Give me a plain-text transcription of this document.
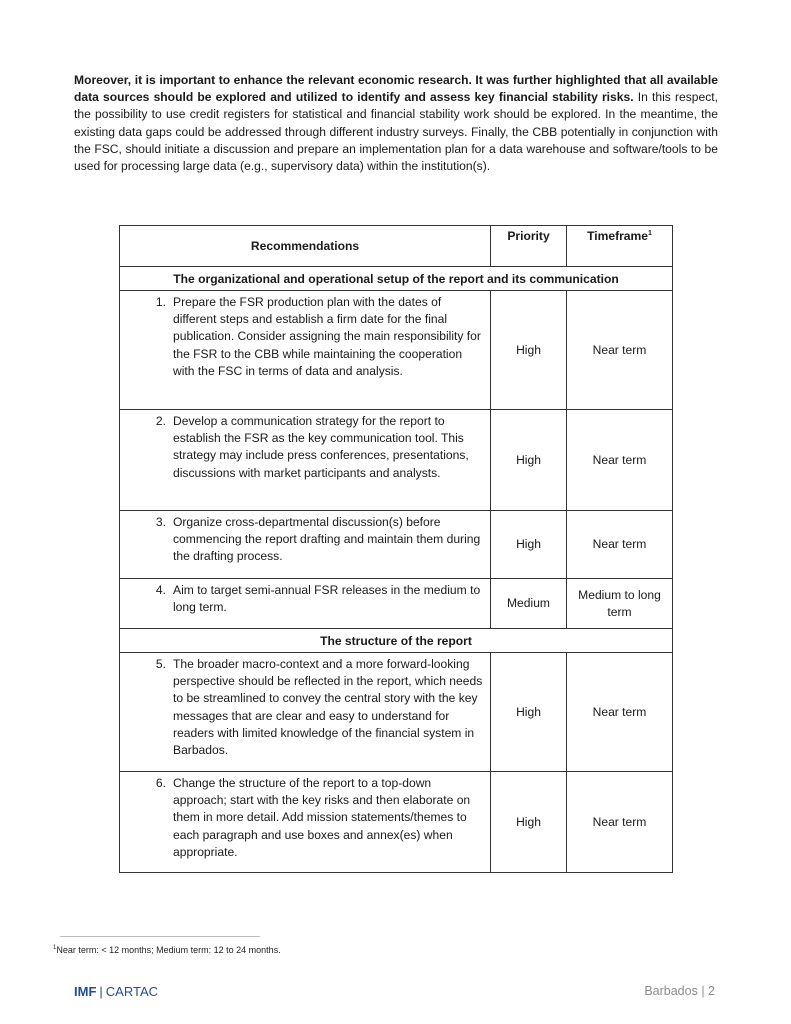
Moreover, it is important to enhance the relevant economic research. It was further highlighted that all available data sources should be explored and utilized to identify and assess key financial stability risks. In this respect, the possibility to use credit registers for statistical and financial stability work should be explored. In the meantime, the existing data gaps could be addressed through different industry surveys. Finally, the CBB potentially in conjunction with the FSC, should initiate a discussion and prepare an implementation plan for a data warehouse and software/tools to be used for processing large data (e.g., supervisory data) within the institution(s).

Recommendations	Priority	Timeframe$^1$
The organizational and operational setup of the report and its communication		

1. Prepare the FSR production plan with the dates of different steps and establish a firm date for the final publication. Consider assigning the main responsibility for the FSR to the CBB while maintaining the cooperation with the FSC in terms of data and analysis.	High	Near term

2. Develop a communication strategy for the report to establish the FSR as the key communication tool. This strategy may include press conferences, presentations, discussions with market participants and analysts.	High	Near term

3. Organize cross-departmental discussion(s) before commencing the report drafting and maintain them during the drafting process.	High	Near term

4. Aim to target semi-annual FSR releases in the medium to long term.	Medium	Medium to long term
The structure of the report		

5. The broader macro-context and a more forward-looking perspective should be reflected in the report, which needs to be streamlined to convey the central story with the key messages that are clear and easy to understand for readers with limited knowledge of the financial system in Barbados.	High	Near term

6. Change the structure of the report to a top-down approach; start with the key risks and then elaborate on them in more detail. Add mission statements/themes to each paragraph and use boxes and annex(es) when appropriate.	High	Near term
$^1$Near term: < 12 months; Medium term: 12 to 24 months.
IMF | CARTAC	Barbados | 2
